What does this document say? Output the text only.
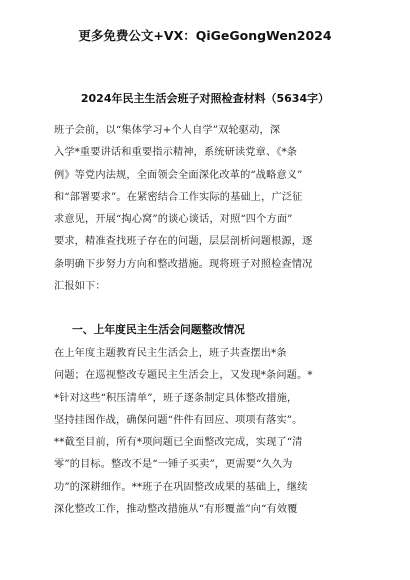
更多免费公文+VX：QiGeGongWen2024
2024年民主生活会班子对照检查材料（5634字）
班子会前，以“集体学习+个人自学”双轮驱动，深
入学*重要讲话和重要指示精神，系统研读党章、《*条
例》等党内法规，全面领会全面深化改革的“战略意义”
和“部署要求”。在紧密结合工作实际的基础上，广泛征
求意见，开展“掏心窝”的谈心谈话，对照“四个方面”
要求，精准查找班子存在的问题，层层剖析问题根源，逐
条明确下步努力方向和整改措施。现将班子对照检查情况
汇报如下：
一、上年度民主生活会问题整改情况
在上年度主题教育民主生活会上，班子共查摆出*条
问题；在巡视整改专题民主生活会上，又发现*条问题。*
*针对这些“积压清单”，班子逐条制定具体整改措施，
坚持挂图作战，确保问题“件件有回应、项项有落实”。
**截至目前，所有*项问题已全面整改完成，实现了“清
零”的目标。整改不是“一锤子买卖”，更需要“久久为
功”的深耕细作。**班子在巩固整改成果的基础上，继续
深化整改工作，推动整改措施从“有形覆盖”向“有效覆
